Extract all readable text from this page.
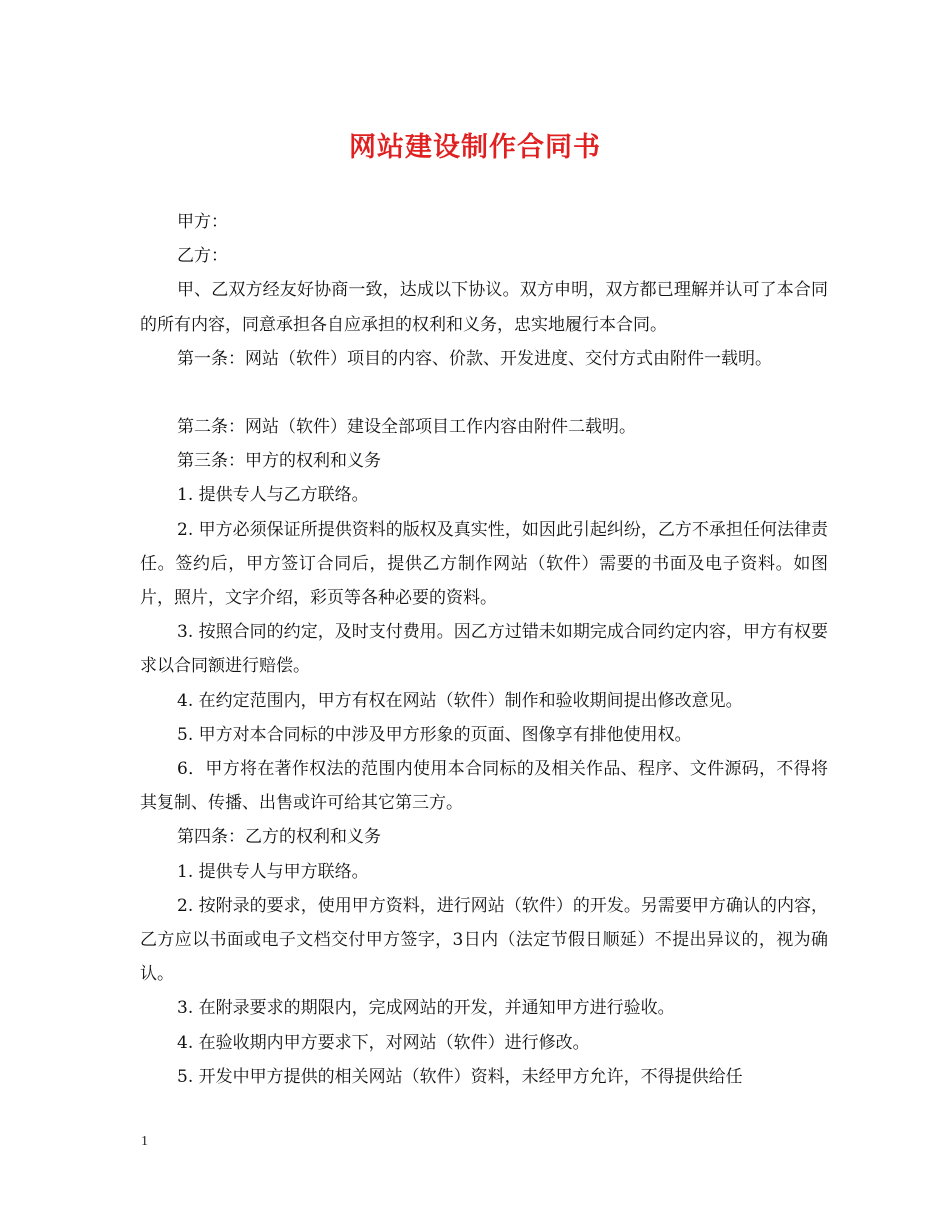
网站建设制作合同书

甲方：

乙方：

甲、乙双方经友好协商一致，达成以下协议。双方申明，双方都已理解并认可了本合同的所有内容，同意承担各自应承担的权利和义务，忠实地履行本合同。

第一条：网站（软件）项目的内容、价款、开发进度、交付方式由附件一载明。

第二条：网站（软件）建设全部项目工作内容由附件二载明。

第三条：甲方的权利和义务

1. 提供专人与乙方联络。

2. 甲方必须保证所提供资料的版权及真实性，如因此引起纠纷，乙方不承担任何法律责任。签约后，甲方签订合同后，提供乙方制作网站（软件）需要的书面及电子资料。如图片，照片，文字介绍，彩页等各种必要的资料。

3. 按照合同的约定，及时支付费用。因乙方过错未如期完成合同约定内容，甲方有权要求以合同额进行赔偿。

4. 在约定范围内，甲方有权在网站（软件）制作和验收期间提出修改意见。

5. 甲方对本合同标的中涉及甲方形象的页面、图像享有排他使用权。

6．甲方将在著作权法的范围内使用本合同标的及相关作品、程序、文件源码，不得将其复制、传播、出售或许可给其它第三方。

第四条：乙方的权利和义务

1. 提供专人与甲方联络。

2. 按附录的要求，使用甲方资料，进行网站（软件）的开发。另需要甲方确认的内容，乙方应以书面或电子文档交付甲方签字，3日内（法定节假日顺延）不提出异议的，视为确认。

3. 在附录要求的期限内，完成网站的开发，并通知甲方进行验收。

4. 在验收期内甲方要求下，对网站（软件）进行修改。

5. 开发中甲方提供的相关网站（软件）资料，未经甲方允许，不得提供给任

1
